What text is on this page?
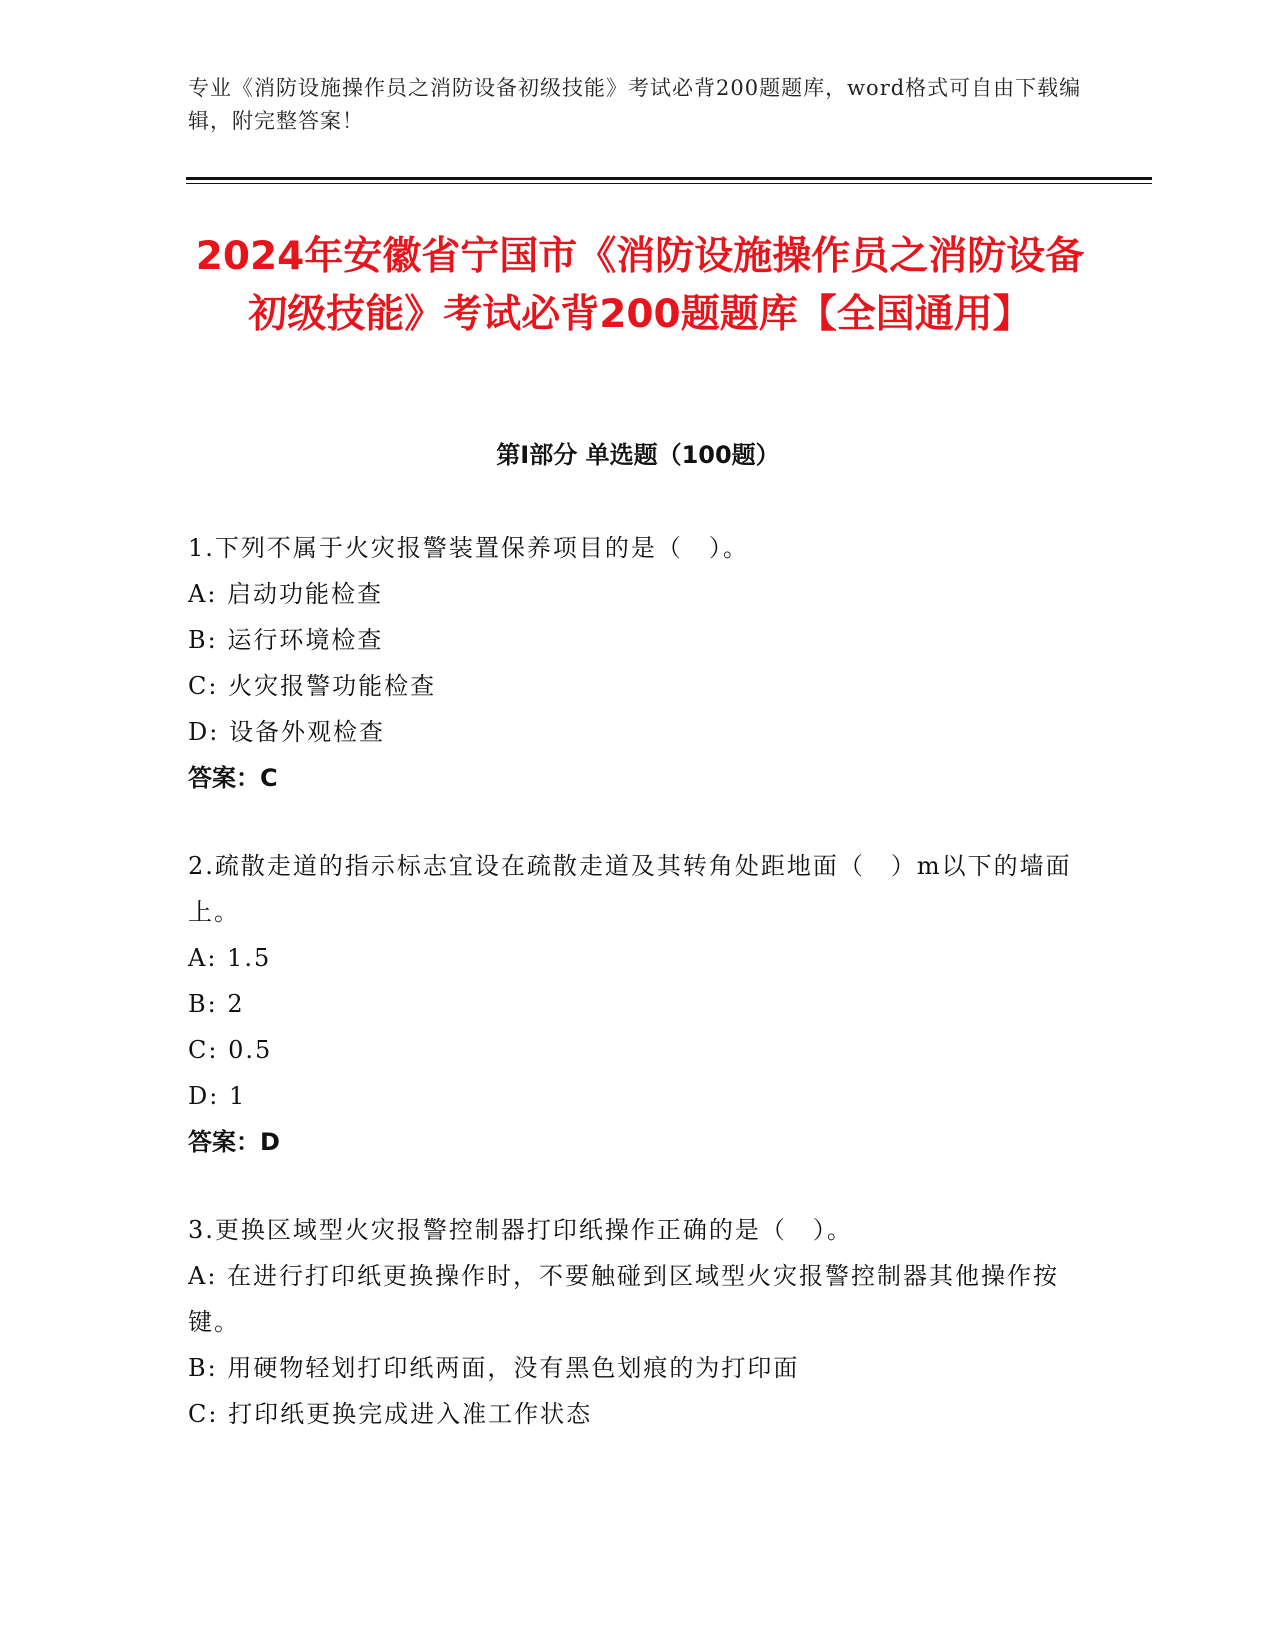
专业《消防设施操作员之消防设备初级技能》考试必背200题题库，word格式可自由下载编辑，附完整答案！
2024年安徽省宁国市《消防设施操作员之消防设备初级技能》考试必背200题题库【全国通用】
第I部分 单选题（100题）
1.下列不属于火灾报警装置保养项目的是（　）。
A: 启动功能检查
B: 运行环境检查
C: 火灾报警功能检查
D: 设备外观检查
答案：C
2.疏散走道的指示标志宜设在疏散走道及其转角处距地面（　）m以下的墙面上。
A: 1.5
B: 2
C: 0.5
D: 1
答案：D
3.更换区域型火灾报警控制器打印纸操作正确的是（　）。
A: 在进行打印纸更换操作时，不要触碰到区域型火灾报警控制器其他操作按键。
B: 用硬物轻划打印纸两面，没有黑色划痕的为打印面
C: 打印纸更换完成进入准工作状态
